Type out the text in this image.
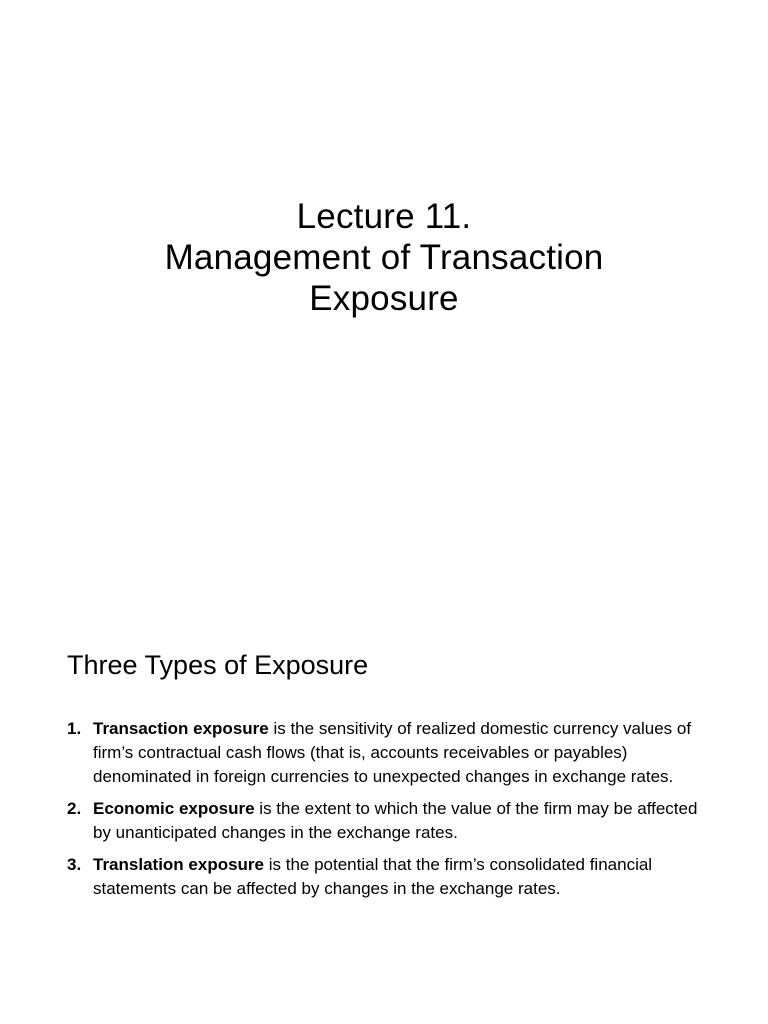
Lecture 11.
Management of Transaction
Exposure
Three Types of Exposure
1. Transaction exposure is the sensitivity of realized domestic currency values of firm’s contractual cash flows (that is, accounts receivables or payables) denominated in foreign currencies to unexpected changes in exchange rates.
2. Economic exposure is the extent to which the value of the firm may be affected by unanticipated changes in the exchange rates.
3. Translation exposure is the potential that the firm’s consolidated financial statements can be affected by changes in the exchange rates.
